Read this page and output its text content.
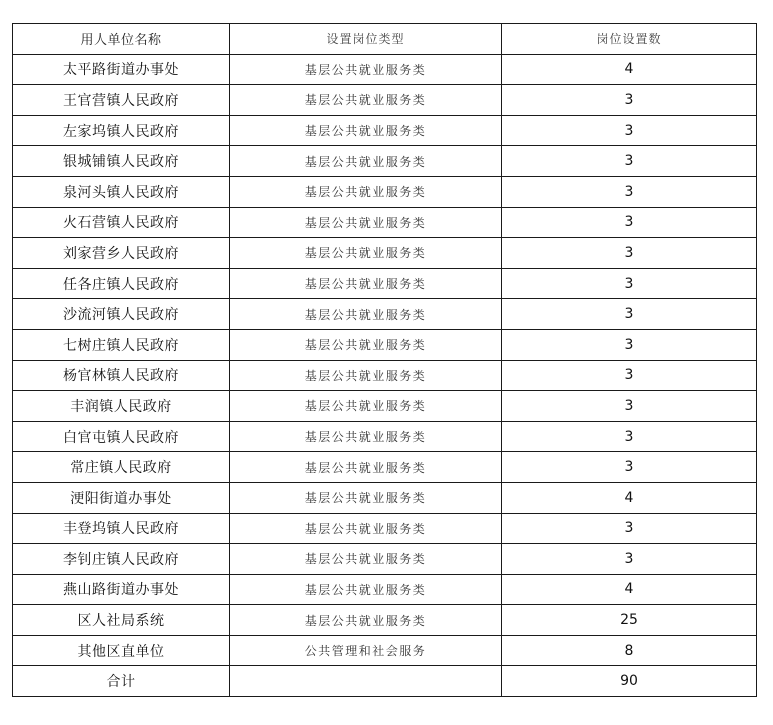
用人单位名称	设置岗位类型	岗位设置数
太平路街道办事处	基层公共就业服务类	4
王官营镇人民政府	基层公共就业服务类	3
左家坞镇人民政府	基层公共就业服务类	3
银城铺镇人民政府	基层公共就业服务类	3
泉河头镇人民政府	基层公共就业服务类	3
火石营镇人民政府	基层公共就业服务类	3
刘家营乡人民政府	基层公共就业服务类	3
任各庄镇人民政府	基层公共就业服务类	3
沙流河镇人民政府	基层公共就业服务类	3
七树庄镇人民政府	基层公共就业服务类	3
杨官林镇人民政府	基层公共就业服务类	3
丰润镇人民政府	基层公共就业服务类	3
白官屯镇人民政府	基层公共就业服务类	3
常庄镇人民政府	基层公共就业服务类	3
浭阳街道办事处	基层公共就业服务类	4
丰登坞镇人民政府	基层公共就业服务类	3
李钊庄镇人民政府	基层公共就业服务类	3
燕山路街道办事处	基层公共就业服务类	4
区人社局系统	基层公共就业服务类	25
其他区直单位	公共管理和社会服务	8
合计		90
